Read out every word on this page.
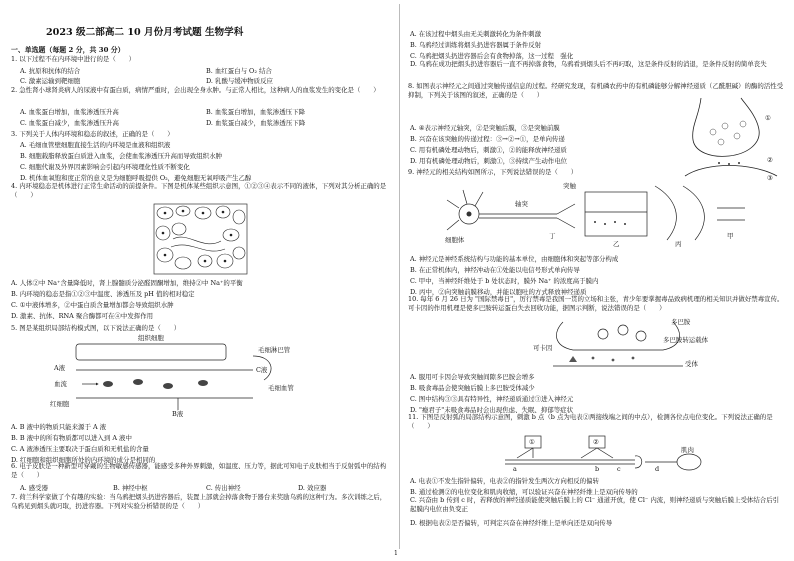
2023 级二部高二 10 月份月考试题 生物学科
一、单选题（每题 2 分，共 30 分）
1. 以下过程不在内环境中进行的是（　　）
A. 抗原和抗体的结合	B. 血红蛋白与 O₂ 结合
C. 激素运输到靶细胞	D. 乳酸与缓冲物质反应
2. 急性肾小球肾炎病人的尿液中有蛋白质，病情严重时，会出现全身水肿。与正常人相比，这种病人的血浆发生的变化是（　　）
A. 血浆蛋白增加，血浆渗透压升高	B. 血浆蛋白增加，血浆渗透压下降
C. 血浆蛋白减少，血浆渗透压升高	D. 血浆蛋白减少，血浆渗透压下降
3. 下列关于人体内环境和稳态的叙述，正确的是（　　）
A. 毛细血管壁细胞直接生活的内环境是血液和组织液
B. 细胞载脂释放蛋白质进入血浆，会使血浆渗透压升高而导致组织水肿
C. 细胞代谢及外界因素影响会引起内环境理化性质不断变化
D. 机体血氧饱和度正常的意义是为细胞呼吸提供 O₂，避免细胞无氧呼吸产生乙醇
4. 内环境稳态是机体进行正常生命活动的前提条件。下图是机体某些组织示意图，①②③④表示不同的液体，下列对其分析正确的是（　　）
A. 人体②中 Na⁺含量降低时，肾上腺髓质分泌醛固酮增加，维持②中 Na⁺的平衡
B. 内环境的稳态是指①②③中温度、渗透压及 pH 值的相对稳定
C. ①中液体增多，②中蛋白质含量增加都会导致组织水肿
D. 激素、抗体、RNA 聚合酶都可在④中发挥作用
5. 图是某组织局部结构模式图，以下说法正确的是（　　）
组织细胞
毛细淋巴管
A液	C液
血流	毛细血管
红细胞
B液
A. B 液中的物质只能来源于 A 液
B. B 液中的所有物质都可以进入到 A 液中
C. A 液渗透压主要取决于蛋白质和无机盐的含量
D. 红细胞和组织细胞所处的内环境的成分是相同的
6. 电子皮肤是一种新型可穿戴的生物敏感传感器，能感受多种外界刺激，如温度、压力等，据此可知电子皮肤相当于反射弧中的结构是（　　）
A. 感受器	B. 神经中枢	C. 传出神经	D. 效应器
7. 荷兰科学家做了个有趣的实验：当乌鸦把烟头扔进容器后，装置上部就会掉落食物于器台来奖励乌鸦的这种行为。多次训练之后，乌鸦见到烟头就叼取，扔进容器。下列对实验分析错误的是（　　）
A. 在该过程中烟头由无关刺激转化为条件刺激
B. 乌鸦经过训练将烟头扔进容器属于条件反射
C. 乌鸦把烟头扔进容器后会有食物掉落，这一过程　强化
D. 乌鸦在成功把烟头扔进容器后一直不再掉落食物，乌鸦看到烟头后不再叼取，这是条件反射的消退，是条件反射的简单丧失
8. 如图表示神经元之间通过突触传递信息的过程。经研究发现，有机磷农药中的有机磷能够分解神经递质（乙酰胆碱）的酶的活性受抑制，下列关于该图的叙述，正确的是（　　）
A. ④表示神经元轴突，②是突触后膜，③是突触前膜
B. 兴奋在该突触的传递过程：③→②→①，是单向传递
C. 用有机磷处理动物后，刺激①，②的能释放神经递质
D. 用有机磷处理动物后，刺激①，③持续产生动作电位
①
②
③
9. 神经元的相关结构如图所示，下列说法错误的是（　　）
细胞体
轴突
突触
丁
乙	丙
甲
A. 神经元是神经系统结构与功能的基本单位，由细胞体和突起等部分构成
B. 在正常机体内，神经冲动在①处能以电信号形式单向传导
C. 甲中，当神经纤维处于 b 处状态时，膜外 Na⁺ 的浓度高于膜内
D. 丙中，②向突触前膜移动，并能以胞吐的方式释放神经递质
10. 每年 6 月 26 日为 "国际禁毒日"，厉行禁毒是我国一贯的立场和主张，青少年要掌握毒品致病机理的相关知识并做好禁毒宣传。可卡因的作用机理是使多巴胺转运蛋白失去回收功能，据图示判断，说法错误的是（　　）
可卡因
多巴胺
多巴胺转运载体
受体
A. 服用可卡因会导致突触间隙多巴胺会增多
B. 吸食毒品会使突触后膜上多巴胺受体减少
C. 图中结构③③具有特异性，神经递质通过③进入神经元
D. "瘾君子"未吸食毒品时会出现焦虑、失眠、抑郁等症状
11. 下图是反射弧的局部结构示意图，刺激 b 点（b 点为电表②两接线端之间的中点），检测各位点电位变化。下列说法正确的是（　　）
①	②
a	b	c	d
肌肉
A. 电表①不发生指针偏转，电表②的指针发生两次方向相反的偏转
B. 通过检测②的电位变化和肌肉收缩，可以验证兴奋在神经纤维上是双向传导的
C. 兴奋由 b 传到 c 时，若释放的神经递质能使突触后膜上的 Cl⁻ 通道开放，使 Cl⁻ 内流，则神经递质与突触后膜上受体结合后引起膜内电位由负变正
D. 根据电表②是否偏转，可判定兴奋在神经纤维上是单向还是双向传导
1
